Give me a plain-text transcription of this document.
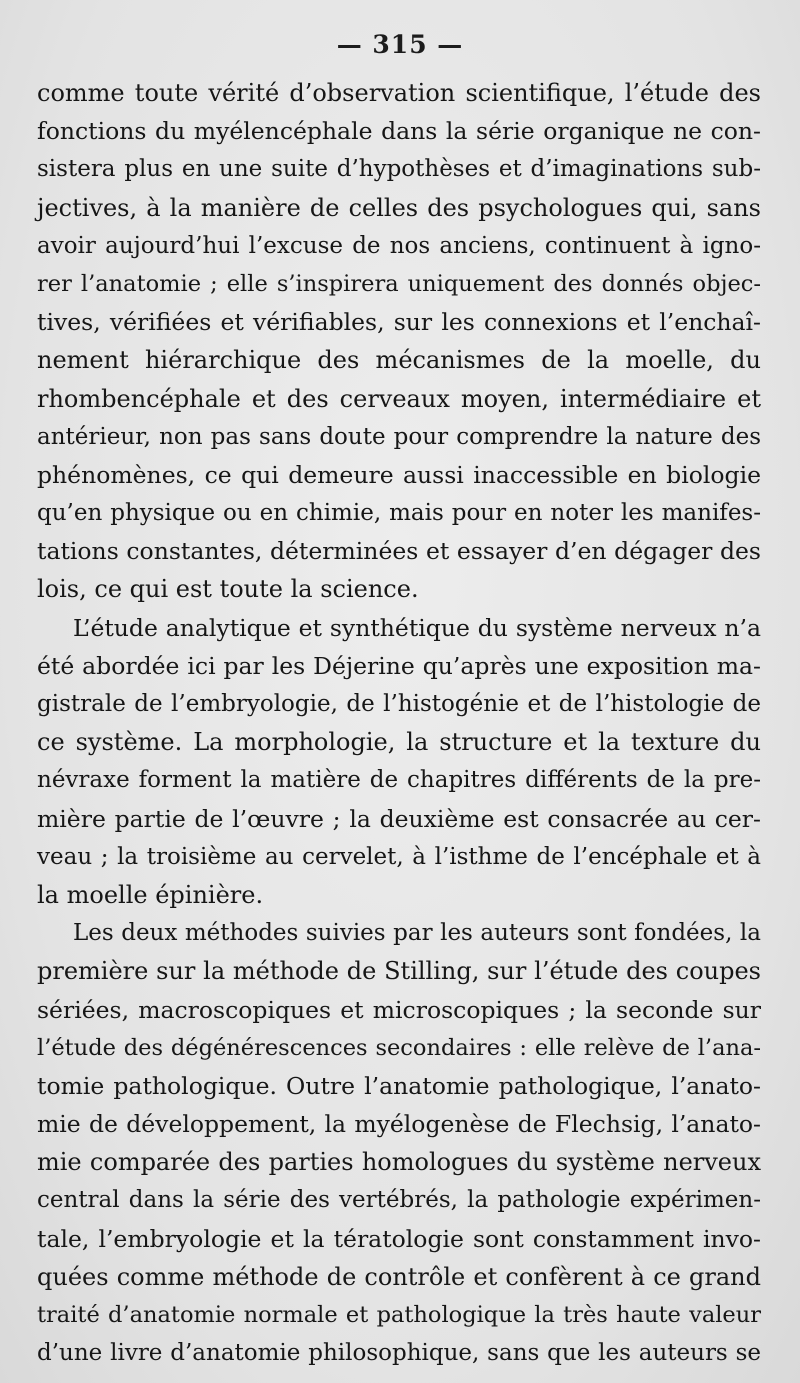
— 315 —
comme toute vérité d’observation scientifique, l’étude des
fonctions du myélencéphale dans la série organique ne con-
sistera plus en une suite d’hypothèses et d’imaginations sub-
jectives, à la manière de celles des psychologues qui, sans
avoir aujourd’hui l’excuse de nos anciens, continuent à igno-
rer l’anatomie ; elle s’inspirera uniquement des donnés objec-
tives, vérifiées et vérifiables, sur les connexions et l’enchaî-
nement hiérarchique des mécanismes de la moelle, du
rhombencéphale et des cerveaux moyen, intermédiaire et
antérieur, non pas sans doute pour comprendre la nature des
phénomènes, ce qui demeure aussi inaccessible en biologie
qu’en physique ou en chimie, mais pour en noter les manifes-
tations constantes, déterminées et essayer d’en dégager des
lois, ce qui est toute la science.
L’étude analytique et synthétique du système nerveux n’a
été abordée ici par les Déjerine qu’après une exposition ma-
gistrale de l’embryologie, de l’histogénie et de l’histologie de
ce système. La morphologie, la structure et la texture du
névraxe forment la matière de chapitres différents de la pre-
mière partie de l’œuvre ; la deuxième est consacrée au cer-
veau ; la troisième au cervelet, à l’isthme de l’encéphale et à
la moelle épinière.
Les deux méthodes suivies par les auteurs sont fondées, la
première sur la méthode de Stilling, sur l’étude des coupes
sériées, macroscopiques et microscopiques ; la seconde sur
l’étude des dégénérescences secondaires : elle relève de l’ana-
tomie pathologique. Outre l’anatomie pathologique, l’anato-
mie de développement, la myélogenèse de Flechsig, l’anato-
mie comparée des parties homologues du système nerveux
central dans la série des vertébrés, la pathologie expérimen-
tale, l’embryologie et la tératologie sont constamment invo-
quées comme méthode de contrôle et confèrent à ce grand
traité d’anatomie normale et pathologique la très haute valeur
d’une livre d’anatomie philosophique, sans que les auteurs se
